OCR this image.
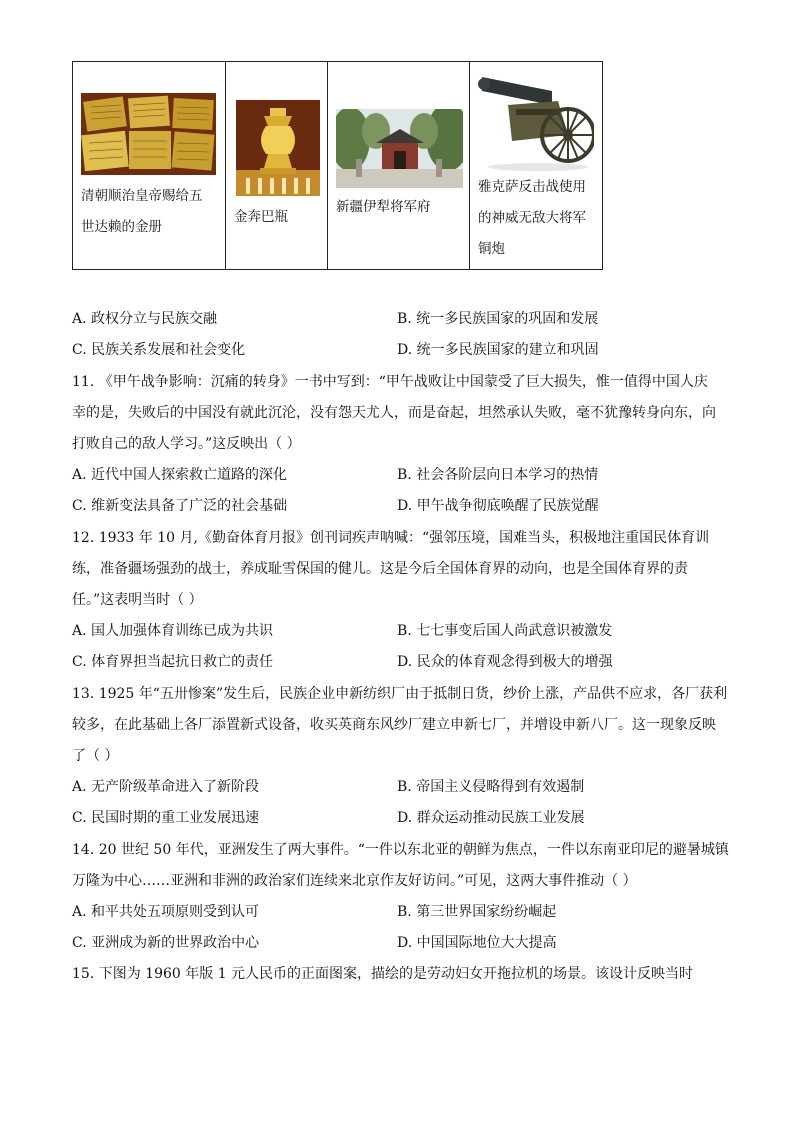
清朝顺治皇帝赐给五
世达赖的金册

金奔巴瓶

新疆伊犁将军府

雅克萨反击战使用
的神威无敌大将军
铜炮
A. 政权分立与民族交融	B. 统一多民族国家的巩固和发展
C. 民族关系发展和社会变化	D. 统一多民族国家的建立和巩固
11. 《甲午战争影响：沉痛的转身》一书中写到：“甲午战败让中国蒙受了巨大损失，惟一值得中国人庆
幸的是，失败后的中国没有就此沉沦，没有怨天尤人，而是奋起，坦然承认失败，毫不犹豫转身向东，向
打败自己的敌人学习。”这反映出（ ）
A. 近代中国人探索救亡道路的深化	B. 社会各阶层向日本学习的热情
C. 维新变法具备了广泛的社会基础	D. 甲午战争彻底唤醒了民族觉醒
12. 1933 年 10 月,《勤奋体育月报》创刊词疾声呐喊：“强邻压境，国难当头，积极地注重国民体育训
练，准备疆场强劲的战士，养成耻雪保国的健儿。这是今后全国体育界的动向，也是全国体育界的责
任。”这表明当时（ ）
A. 国人加强体育训练已成为共识	B. 七七事变后国人尚武意识被激发
C. 体育界担当起抗日救亡的责任	D. 民众的体育观念得到极大的增强
13. 1925 年“五卅惨案”发生后，民族企业申新纺织厂由于抵制日货，纱价上涨，产品供不应求，各厂获利
较多，在此基础上各厂添置新式设备，收买英商东风纱厂建立申新七厂，并增设申新八厂。这一现象反映
了（ ）
A. 无产阶级革命进入了新阶段	B. 帝国主义侵略得到有效遏制
C. 民国时期的重工业发展迅速	D. 群众运动推动民族工业发展
14. 20 世纪 50 年代，亚洲发生了两大事件。“一件以东北亚的朝鲜为焦点，一件以东南亚印尼的避暑城镇
万隆为中心……亚洲和非洲的政治家们连续来北京作友好访问。”可见，这两大事件推动（ ）
A. 和平共处五项原则受到认可	B. 第三世界国家纷纷崛起
C. 亚洲成为新的世界政治中心	D. 中国国际地位大大提高
15. 下图为 1960 年版 1 元人民币的正面图案，描绘的是劳动妇女开拖拉机的场景。该设计反映当时
